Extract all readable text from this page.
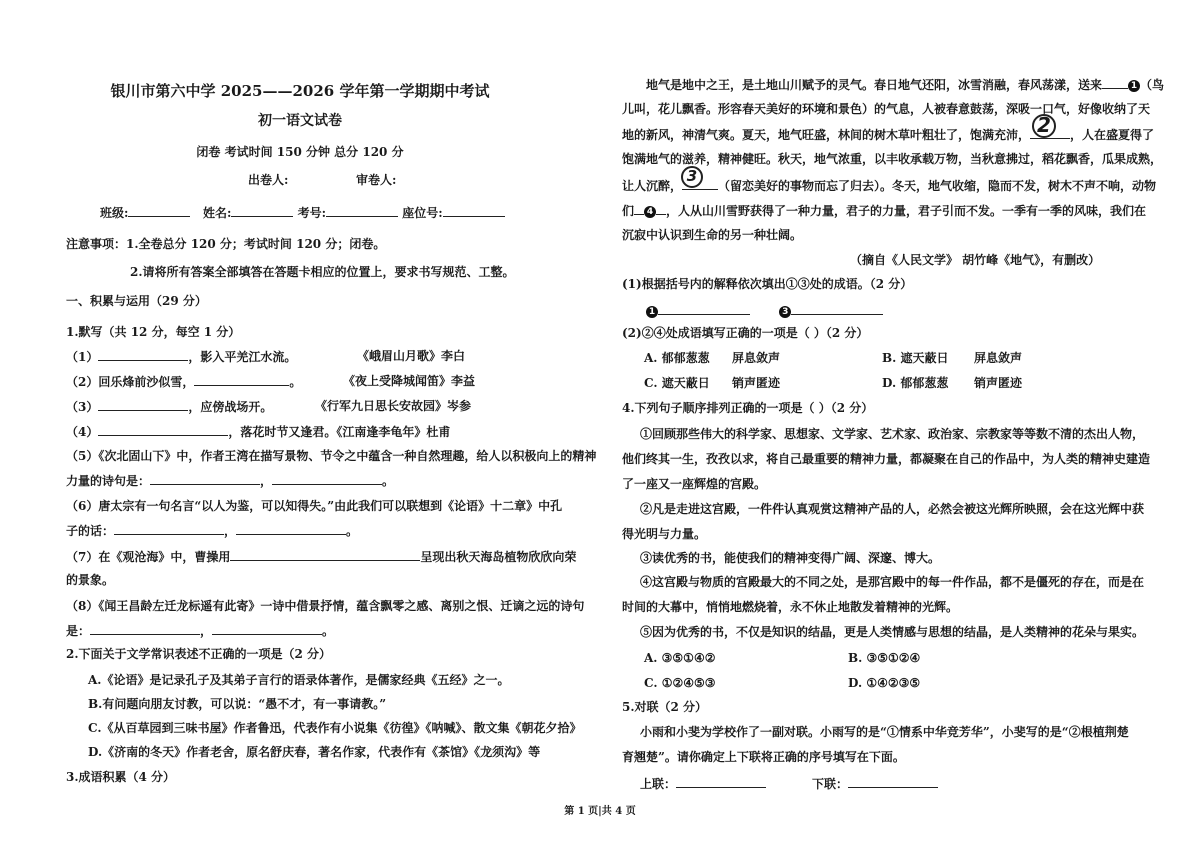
银川市第六中学 2025——2026 学年第一学期期中考试
初一语文试卷
闭卷 考试时间 150 分钟 总分 120 分
出卷人:	审卷人:
班级:	姓名:	考号:	座位号:
注意事项：1.全卷总分 120 分；考试时间 120 分；闭卷。
2.请将所有答案全部填答在答题卡相应的位置上，要求书写规范、工整。
一、积累与运用（29 分）
1.默写（共 12 分，每空 1 分）
（1）	，影入平羌江水流。	《峨眉山月歌》李白
（2）回乐烽前沙似雪，	。	《夜上受降城闻笛》李益
（3）	，应傍战场开。	《行军九日思长安故园》岑参
（4）	，落花时节又逢君。《江南逢李龟年》杜甫
（5）《次北固山下》中，作者王湾在描写景物、节令之中蕴含一种自然理趣，给人以积极向上的精神
力量的诗句是：	，	。
（6）唐太宗有一句名言“以人为鉴，可以知得失。”由此我们可以联想到《论语》十二章》中孔
子的话：	，	。
（7）在《观沧海》中，曹操用	呈现出秋天海岛植物欣欣向荣
的景象。
（8）《闻王昌龄左迁龙标遥有此寄》一诗中借景抒情，蕴含飘零之感、离别之恨、迁谪之远的诗句
是：	，	。
2.下面关于文学常识表述不正确的一项是（2 分）
A.《论语》是记录孔子及其弟子言行的语录体著作，是儒家经典《五经》之一。
B.有问题向朋友讨教，可以说：“愚不才，有一事请教。”
C.《从百草园到三味书屋》作者鲁迅，代表作有小说集《彷徨》《呐喊》、散文集《朝花夕拾》
D.《济南的冬天》作者老舍，原名舒庆春，著名作家，代表作有《茶馆》《龙须沟》等
3.成语积累（4 分）
地气是地中之王，是土地山川赋予的灵气。春日地气还阳，冰雪消融，春风荡漾，送来	1 （鸟
儿叫，花儿飘香。形容春天美好的环境和景色）的气息，人被春意鼓荡，深吸一口气，好像收纳了天
地的新风，神清气爽。夏天，地气旺盛，林间的树木草叶粗壮了，饱满充沛，	，人在盛夏得了
2
饱满地气的滋养，精神健旺。秋天，地气浓重，以丰收承载万物，当秋意拂过，稻花飘香，瓜果成熟，
让人沉醉，	（留恋美好的事物而忘了归去）。冬天，地气收缩，隐而不发，树木不声不响，动物
3
们 4 ，人从山川雪野获得了一种力量，君子的力量，君子引而不发。一季有一季的风味，我们在
沉寂中认识到生命的另一种壮阔。
（摘自《人民文学》 胡竹峰《地气》，有删改）
(1)根据括号内的解释依次填出①③处的成语。（2 分）
1	3
(2)②④处成语填写正确的一项是（ ）（2 分）
A. 郁郁葱葱 屏息敛声	B. 遮天蔽日 屏息敛声
C. 遮天蔽日 销声匿迹	D. 郁郁葱葱 销声匿迹
4.下列句子顺序排列正确的一项是（ ）（2 分）
①回顾那些伟大的科学家、思想家、文学家、艺术家、政治家、宗教家等等数不清的杰出人物，
他们终其一生，孜孜以求，将自己最重要的精神力量，都凝聚在自己的作品中，为人类的精神史建造
了一座又一座辉煌的宫殿。
②凡是走进这宫殿，一件件认真观赏这精神产品的人，必然会被这光辉所映照，会在这光辉中获
得光明与力量。
③读优秀的书，能使我们的精神变得广阔、深邃、博大。
④这宫殿与物质的宫殿最大的不同之处，是那宫殿中的每一件作品，都不是僵死的存在，而是在
时间的大幕中，悄悄地燃烧着，永不休止地散发着精神的光辉。
⑤因为优秀的书，不仅是知识的结晶，更是人类情感与思想的结晶，是人类精神的花朵与果实。
A. ③⑤①④②	B. ③⑤①②④
C. ①②④⑤③	D. ①④②③⑤
5.对联（2 分）
小雨和小斐为学校作了一副对联。小雨写的是“①情系中华竞芳华”，小斐写的是“②根植荆楚
育翘楚”。请你确定上下联将正确的序号填写在下面。
上联：	下联：
第 1 页|共 4 页
